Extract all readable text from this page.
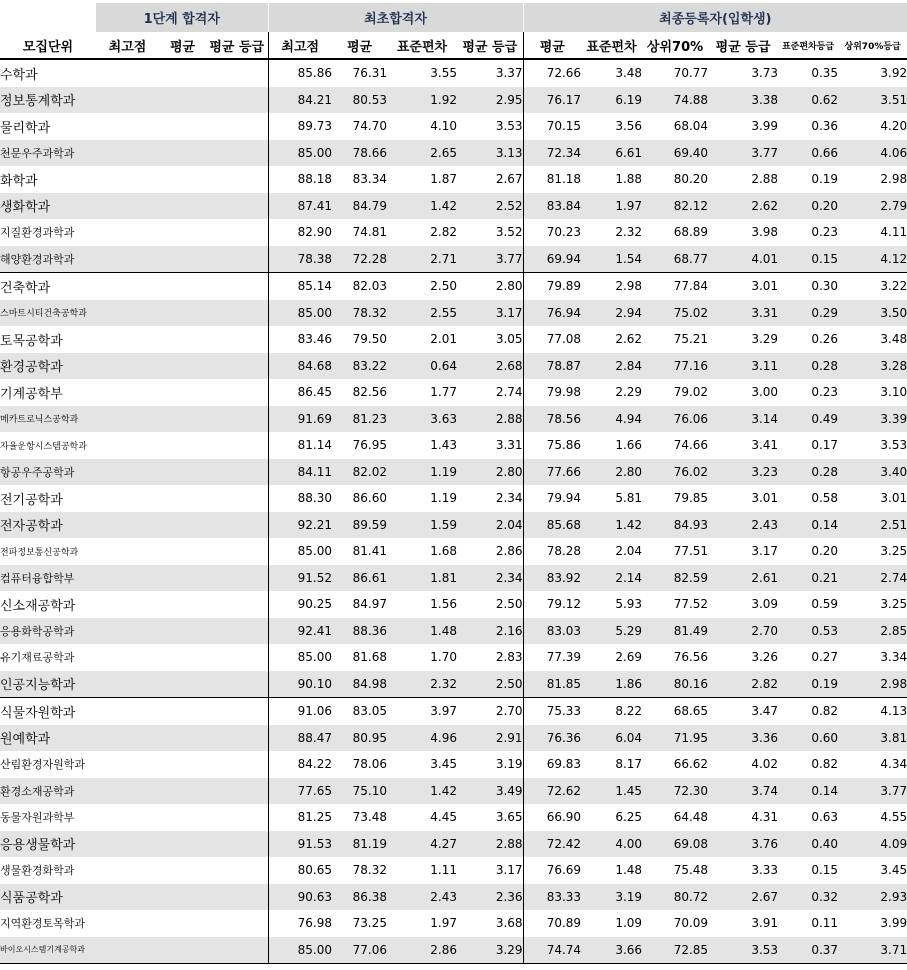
	1단계 합격자			최초합격자				최종등록자(입학생)					
모집단위	최고점	평균	평균 등급	최고점	평균	표준편차	평균 등급	평균	표준편차	상위70%	평균 등급	표준편차등급	상위70%등급
수학과				85.86	76.31	3.55	3.37	72.66	3.48	70.77	3.73	0.35	3.92
정보통계학과				84.21	80.53	1.92	2.95	76.17	6.19	74.88	3.38	0.62	3.51
물리학과				89.73	74.70	4.10	3.53	70.15	3.56	68.04	3.99	0.36	4.20
천문우주과학과				85.00	78.66	2.65	3.13	72.34	6.61	69.40	3.77	0.66	4.06
화학과				88.18	83.34	1.87	2.67	81.18	1.88	80.20	2.88	0.19	2.98
생화학과				87.41	84.79	1.42	2.52	83.84	1.97	82.12	2.62	0.20	2.79
지질환경과학과				82.90	74.81	2.82	3.52	70.23	2.32	68.89	3.98	0.23	4.11
해양환경과학과				78.38	72.28	2.71	3.77	69.94	1.54	68.77	4.01	0.15	4.12
건축학과				85.14	82.03	2.50	2.80	79.89	2.98	77.84	3.01	0.30	3.22
스마트시티건축공학과				85.00	78.32	2.55	3.17	76.94	2.94	75.02	3.31	0.29	3.50
토목공학과				83.46	79.50	2.01	3.05	77.08	2.62	75.21	3.29	0.26	3.48
환경공학과				84.68	83.22	0.64	2.68	78.87	2.84	77.16	3.11	0.28	3.28
기계공학부				86.45	82.56	1.77	2.74	79.98	2.29	79.02	3.00	0.23	3.10
메카트로닉스공학과				91.69	81.23	3.63	2.88	78.56	4.94	76.06	3.14	0.49	3.39
자율운항시스템공학과				81.14	76.95	1.43	3.31	75.86	1.66	74.66	3.41	0.17	3.53
항공우주공학과				84.11	82.02	1.19	2.80	77.66	2.80	76.02	3.23	0.28	3.40
전기공학과				88.30	86.60	1.19	2.34	79.94	5.81	79.85	3.01	0.58	3.01
전자공학과				92.21	89.59	1.59	2.04	85.68	1.42	84.93	2.43	0.14	2.51
전파정보통신공학과				85.00	81.41	1.68	2.86	78.28	2.04	77.51	3.17	0.20	3.25
컴퓨터융합학부				91.52	86.61	1.81	2.34	83.92	2.14	82.59	2.61	0.21	2.74
신소재공학과				90.25	84.97	1.56	2.50	79.12	5.93	77.52	3.09	0.59	3.25
응용화학공학과				92.41	88.36	1.48	2.16	83.03	5.29	81.49	2.70	0.53	2.85
유기재료공학과				85.00	81.68	1.70	2.83	77.39	2.69	76.56	3.26	0.27	3.34
인공지능학과				90.10	84.98	2.32	2.50	81.85	1.86	80.16	2.82	0.19	2.98
식물자원학과				91.06	83.05	3.97	2.70	75.33	8.22	68.65	3.47	0.82	4.13
원예학과				88.47	80.95	4.96	2.91	76.36	6.04	71.95	3.36	0.60	3.81
산림환경자원학과				84.22	78.06	3.45	3.19	69.83	8.17	66.62	4.02	0.82	4.34
환경소재공학과				77.65	75.10	1.42	3.49	72.62	1.45	72.30	3.74	0.14	3.77
동물자원과학부				81.25	73.48	4.45	3.65	66.90	6.25	64.48	4.31	0.63	4.55
응용생물학과				91.53	81.19	4.27	2.88	72.42	4.00	69.08	3.76	0.40	4.09
생물환경화학과				80.65	78.32	1.11	3.17	76.69	1.48	75.48	3.33	0.15	3.45
식품공학과				90.63	86.38	2.43	2.36	83.33	3.19	80.72	2.67	0.32	2.93
지역환경토목학과				76.98	73.25	1.97	3.68	70.89	1.09	70.09	3.91	0.11	3.99
바이오시스템기계공학과				85.00	77.06	2.86	3.29	74.74	3.66	72.85	3.53	0.37	3.71
